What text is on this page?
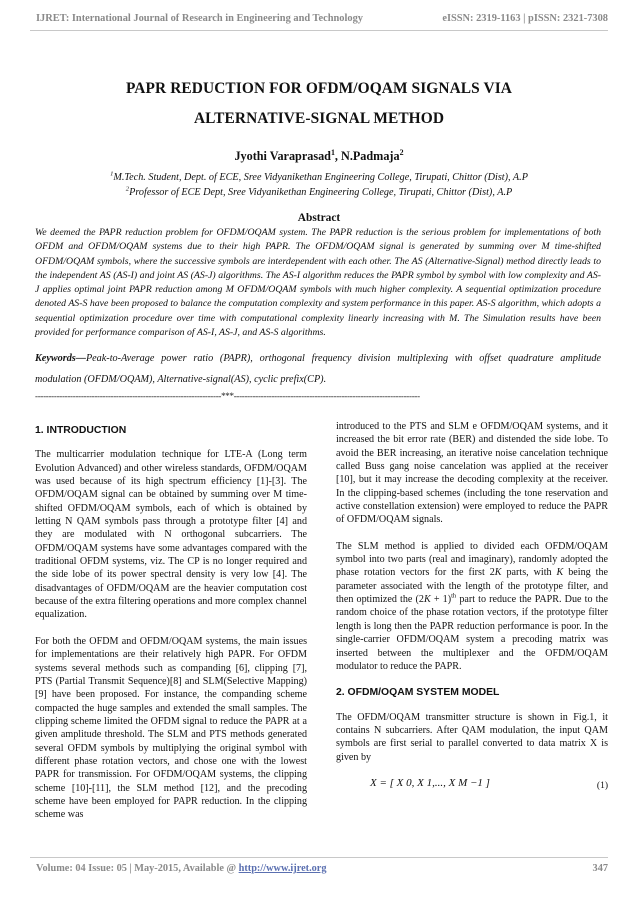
IJRET: International Journal of Research in Engineering and Technology	eISSN: 2319-1163 | pISSN: 2321-7308
PAPR REDUCTION FOR OFDM/OQAM SIGNALS VIA
ALTERNATIVE-SIGNAL METHOD
Jyothi Varaprasad$^1$, N.Padmaja$^2$
$^1$M.Tech. Student, Dept. of ECE, Sree Vidyanikethan Engineering College, Tirupati, Chittor (Dist), A.P
$^2$Professor of ECE Dept, Sree Vidyanikethan Engineering College, Tirupati, Chittor (Dist), A.P
Abstract

We deemed the PAPR reduction problem for OFDM/OQAM system. The PAPR reduction is the serious problem for implementations of both OFDM and OFDM/OQAM systems due to their high PAPR. The OFDM/OQAM signal is generated by summing over M time-shifted OFDM/OQAM symbols, where the successive symbols are interdependent with each other. The AS (Alternative-Signal) method directly leads to the independent AS (AS-I) and joint AS (AS-J) algorithms. The AS-I algorithm reduces the PAPR symbol by symbol with low complexity and AS-J applies optimal joint PAPR reduction among M OFDM/OQAM symbols with much higher complexity. A sequential optimization procedure denoted AS-S have been proposed to balance the computation complexity and system performance in this paper. AS-S algorithm, which adopts a sequential optimization procedure over time with computational complexity linearly increasing with M. The Simulation results have been provided for performance comparison of AS-I, AS-J, and AS-S algorithms.

Keywords—Peak-to-Average power ratio (PAPR), orthogonal frequency division multiplexing with offset quadrature amplitude modulation (OFDM/OQAM), Alternative-signal(AS), cyclic prefix(CP).

---------------------------------------------------------------------***---------------------------------------------------------------------
1. INTRODUCTION

The multicarrier modulation technique for LTE-A (Long term Evolution Advanced) and other wireless standards, OFDM/OQAM was used because of its high spectrum efficiency [1]-[3]. The OFDM/OQAM signal can be obtained by summing over M time-shifted OFDM/OQAM symbols, each of which is obtained by letting N QAM symbols pass through a prototype filter [4] and they are modulated with N orthogonal subcarriers. The OFDM/OQAM systems have some advantages compared with the traditional OFDM systems, viz. The CP is no longer required and the side lobe of its power spectral density is very low [4]. The disadvantages of OFDM/OQAM are the heavier computation cost because of the extra filtering operations and more complex channel equalization.

For both the OFDM and OFDM/OQAM systems, the main issues for implementations are their relatively high PAPR. For OFDM systems several methods such as companding [6], clipping [7], PTS (Partial Transmit Sequence)[8] and SLM(Selective Mapping) [9] have been proposed. For instance, the companding scheme compacted the huge samples and extended the small samples. The clipping scheme limited the OFDM signal to reduce the PAPR at a given amplitude threshold. The SLM and PTS methods generated several OFDM symbols by multiplying the original symbol with different phase rotation vectors, and chose one with the lowest PAPR for transmission. For OFDM/OQAM systems, the clipping scheme [10]-[11], the SLM method [12], and the precoding scheme have been employed for PAPR reduction. In the clipping scheme was

introduced to the PTS and SLM e OFDM/OQAM systems, and it increased the bit error rate (BER) and distended the side lobe. To avoid the BER increasing, an iterative noise cancelation technique called Buss gang noise cancelation was applied at the receiver [10], but it may increase the decoding complexity at the receiver. In the clipping-based schemes (including the tone reservation and active constellation extension) were employed to reduce the PAPR of OFDM/OQAM signals.

The SLM method is applied to divided each OFDM/OQAM symbol into two parts (real and imaginary), randomly adopted the phase rotation vectors for the first 2K parts, with K being the parameter associated with the length of the prototype filter, and then optimized the $(2K + 1)^{th}$ part to reduce the PAPR. Due to the random choice of the phase rotation vectors, if the prototype filter length is long then the PAPR reduction performance is poor. In the single-carrier OFDM/OQAM system a precoding matrix was inserted between the multiplexer and the OFDM/OQAM modulator to reduce the PAPR.

2. OFDM/OQAM SYSTEM MODEL

The OFDM/OQAM transmitter structure is shown in Fig.1, it contains N subcarriers. After QAM modulation, the input QAM symbols are first serial to parallel converted to data matrix X is given by

X = [ X 0, X 1,..., X M −1 ]	(1)
Volume: 04 Issue: 05 | May-2015, Available @ http://www.ijret.org	347
